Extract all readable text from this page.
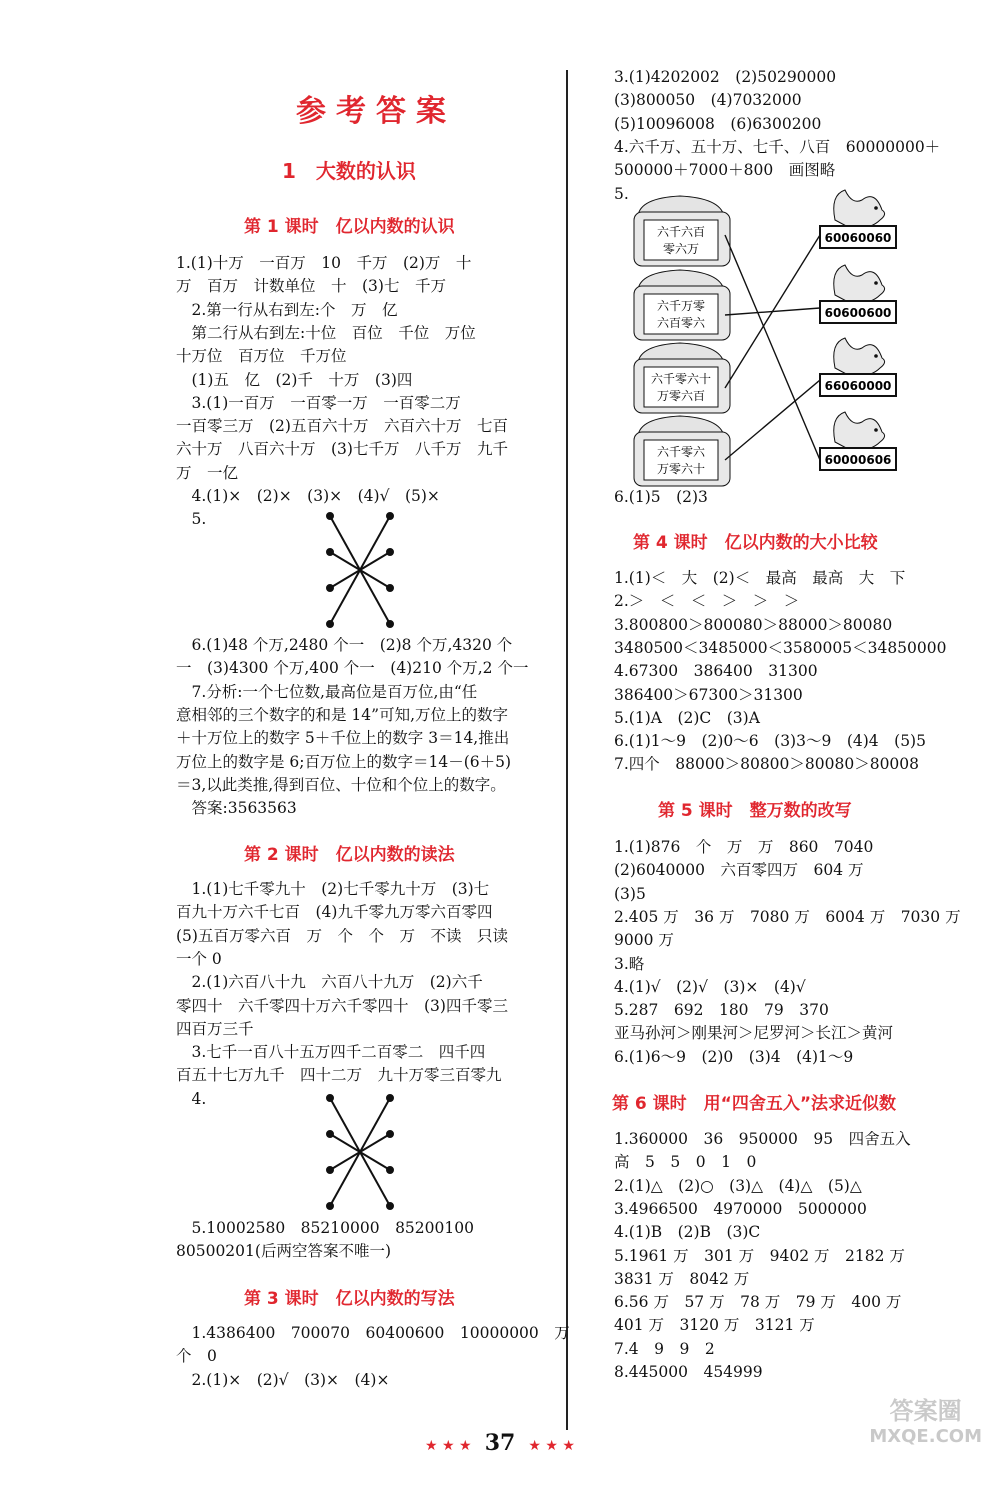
参考答案
1　大数的认识
第 1 课时　亿以内数的认识
1.(1)十万　一百万　10　千万　(2)万　十
万　百万　计数单位　十　(3)七　千万
　2.第一行从右到左:个　万　亿
　第二行从右到左:十位　百位　千位　万位
十万位　百万位　千万位
　(1)五　亿　(2)千　十万　(3)四
　3.(1)一百万　一百零一万　一百零二万
一百零三万　(2)五百六十万　六百六十万　七百
六十万　八百六十万　(3)七千万　八千万　九千
万　一亿
　4.(1)×　(2)×　(3)×　(4)√　(5)×
　5.
　6.(1)48 个万,2480 个一　(2)8 个万,4320 个
一　(3)4300 个万,400 个一　(4)210 个万,2 个一
　7.分析:一个七位数,最高位是百万位,由“任
意相邻的三个数字的和是 14”可知,万位上的数字
＋十万位上的数字 5＋千位上的数字 3＝14,推出
万位上的数字是 6;百万位上的数字＝14－(6＋5)
＝3,以此类推,得到百位、十位和个位上的数字。
　答案:3563563
第 2 课时　亿以内数的读法
　1.(1)七千零九十　(2)七千零九十万　(3)七
百九十万六千七百　(4)九千零九万零六百零四
(5)五百万零六百　万　个　个　万　不读　只读
一个 0
　2.(1)六百八十九　六百八十九万　(2)六千
零四十　六千零四十万六千零四十　(3)四千零三
四百万三千
　3.七千一百八十五万四千二百零二　四千四
百五十七万九千　四十二万　九十万零三百零九
　4.
　5.10002580　85210000　85200100
80500201(后两空答案不唯一)
第 3 课时　亿以内数的写法
　1.4386400　700070　60400600　10000000　万
个　0
　2.(1)×　(2)√　(3)×　(4)×
3.(1)4202002　(2)50290000
(3)800050　(4)7032000
(5)10096008　(6)6300200
4.六千万、五十万、七千、八百　60000000＋
500000＋7000＋800　画图略
5.
六千六百
零六万
六千万零
六百零六
六千零六十
万零六百
六千零六
万零六十
60060060
60600600
66060000
60000606
6.(1)5　(2)3
第 4 课时　亿以内数的大小比较
1.(1)＜　大　(2)＜　最高　最高　大　下
2.＞　＜　＜　＞　＞　＞
3.800800＞800080＞88000＞80080
3480500＜3485000＜3580005＜34850000
4.67300　386400　31300
386400＞67300＞31300
5.(1)A　(2)C　(3)A
6.(1)1～9　(2)0～6　(3)3～9　(4)4　(5)5
7.四个　88000＞80800＞80080＞80008
第 5 课时　整万数的改写
1.(1)876　个　万　万　860　7040
(2)6040000　六百零四万　604 万
(3)5
2.405 万　36 万　7080 万　6004 万　7030 万
9000 万
3.略
4.(1)√　(2)√　(3)×　(4)√
5.287　692　180　79　370
亚马孙河＞刚果河＞尼罗河＞长江＞黄河
6.(1)6～9　(2)0　(3)4　(4)1～9
第 6 课时　用“四舍五入”法求近似数
1.360000　36　950000　95　四舍五入
高　5　5　0　1　0
2.(1)△　(2)○　(3)△　(4)△　(5)△
3.4966500　4970000　5000000
4.(1)B　(2)B　(3)C
5.1961 万　301 万　9402 万　2182 万
3831 万　8042 万
6.56 万　57 万　78 万　79 万　400 万
401 万　3120 万　3121 万
7.4　9　9　2
8.445000　454999
★ ★ ★ 37 ★ ★ ★
答案圈
MXQE.COM
